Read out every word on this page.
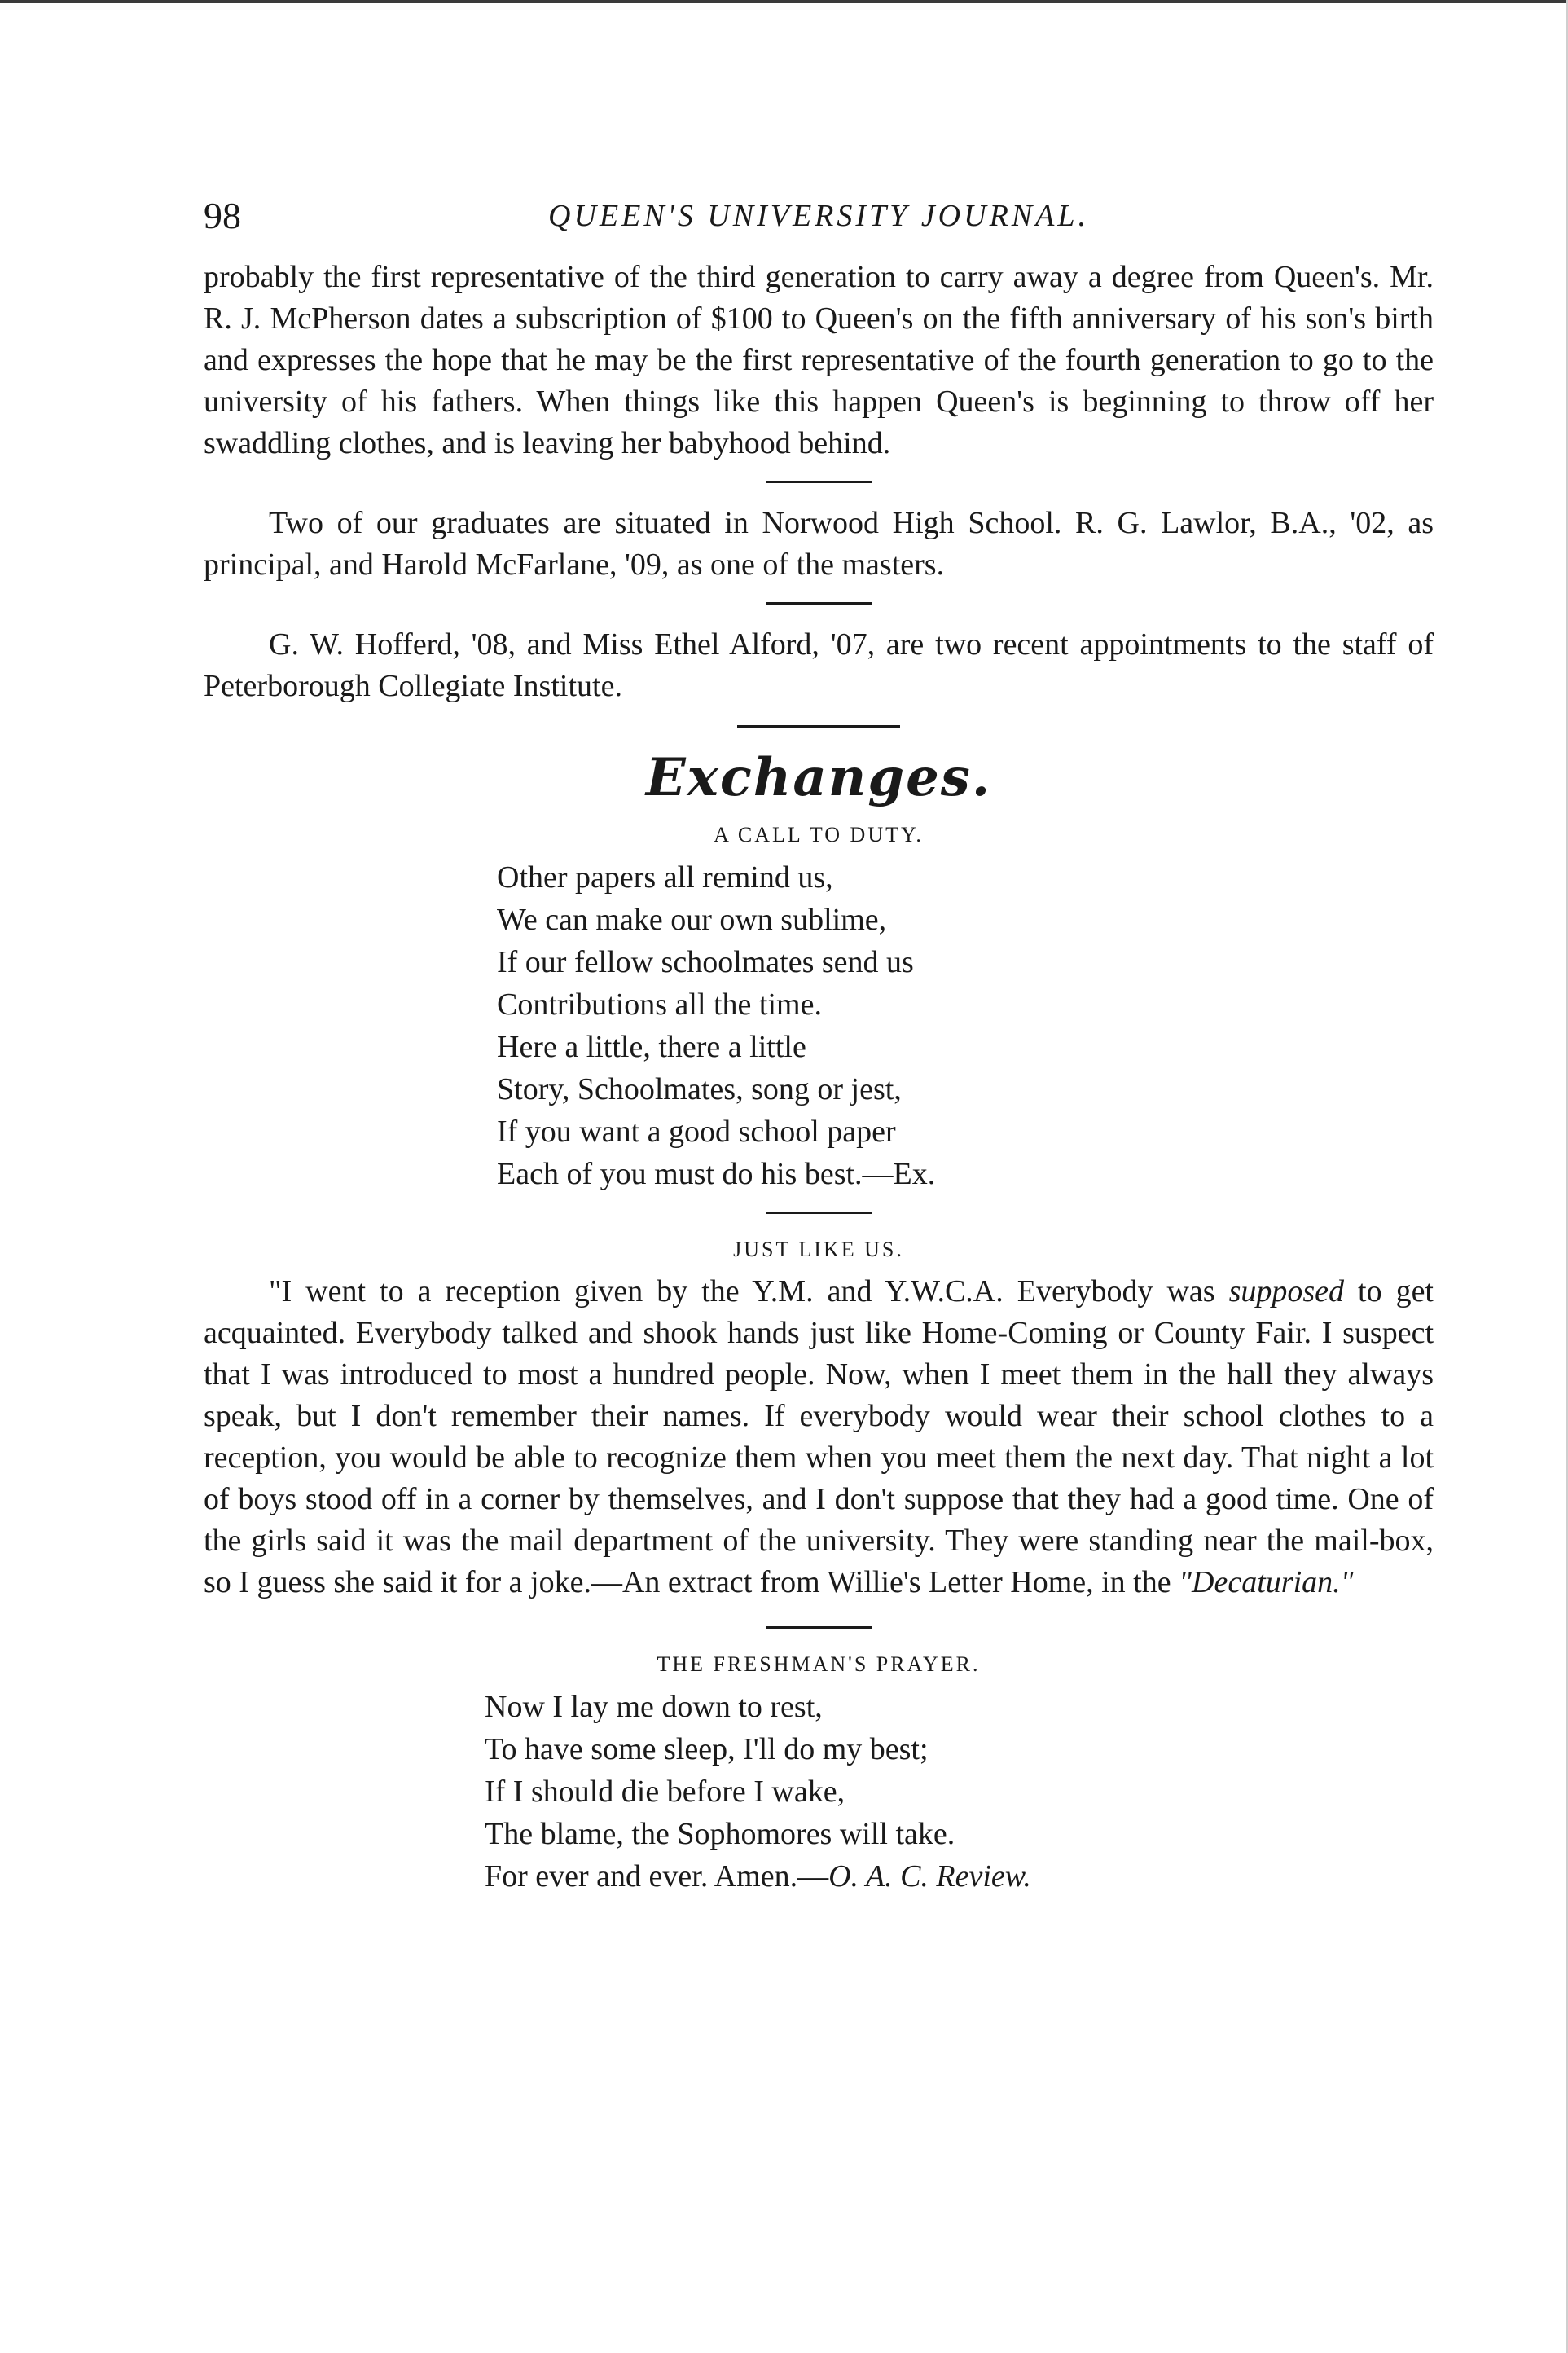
98	QUEEN'S UNIVERSITY JOURNAL.

probably the first representative of the third generation to carry away a degree from Queen's. Mr. R. J. McPherson dates a subscription of $100 to Queen's on the fifth anniversary of his son's birth and expresses the hope that he may be the first representative of the fourth generation to go to the university of his fathers. When things like this happen Queen's is beginning to throw off her swaddling clothes, and is leaving her babyhood behind.

Two of our graduates are situated in Norwood High School. R. G. Lawlor, B.A., '02, as principal, and Harold McFarlane, '09, as one of the masters.

G. W. Hofferd, '08, and Miss Ethel Alford, '07, are two recent appointments to the staff of Peterborough Collegiate Institute.

Exchanges.
A CALL TO DUTY.
Other papers all remind us,
We can make our own sublime,
If our fellow schoolmates send us
Contributions all the time.
Here a little, there a little
Story, Schoolmates, song or jest,
If you want a good school paper
Each of you must do his best.—Ex.
JUST LIKE US.

"I went to a reception given by the Y.M. and Y.W.C.A. Everybody was supposed to get acquainted. Everybody talked and shook hands just like Home-Coming or County Fair. I suspect that I was introduced to most a hundred people. Now, when I meet them in the hall they always speak, but I don't remember their names. If everybody would wear their school clothes to a reception, you would be able to recognize them when you meet them the next day. That night a lot of boys stood off in a corner by themselves, and I don't suppose that they had a good time. One of the girls said it was the mail department of the university. They were standing near the mail-box, so I guess she said it for a joke.—An extract from Willie's Letter Home, in the "Decaturian."

THE FRESHMAN'S PRAYER.
Now I lay me down to rest,
To have some sleep, I'll do my best;
If I should die before I wake,
The blame, the Sophomores will take.
For ever and ever. Amen.—O. A. C. Review.
